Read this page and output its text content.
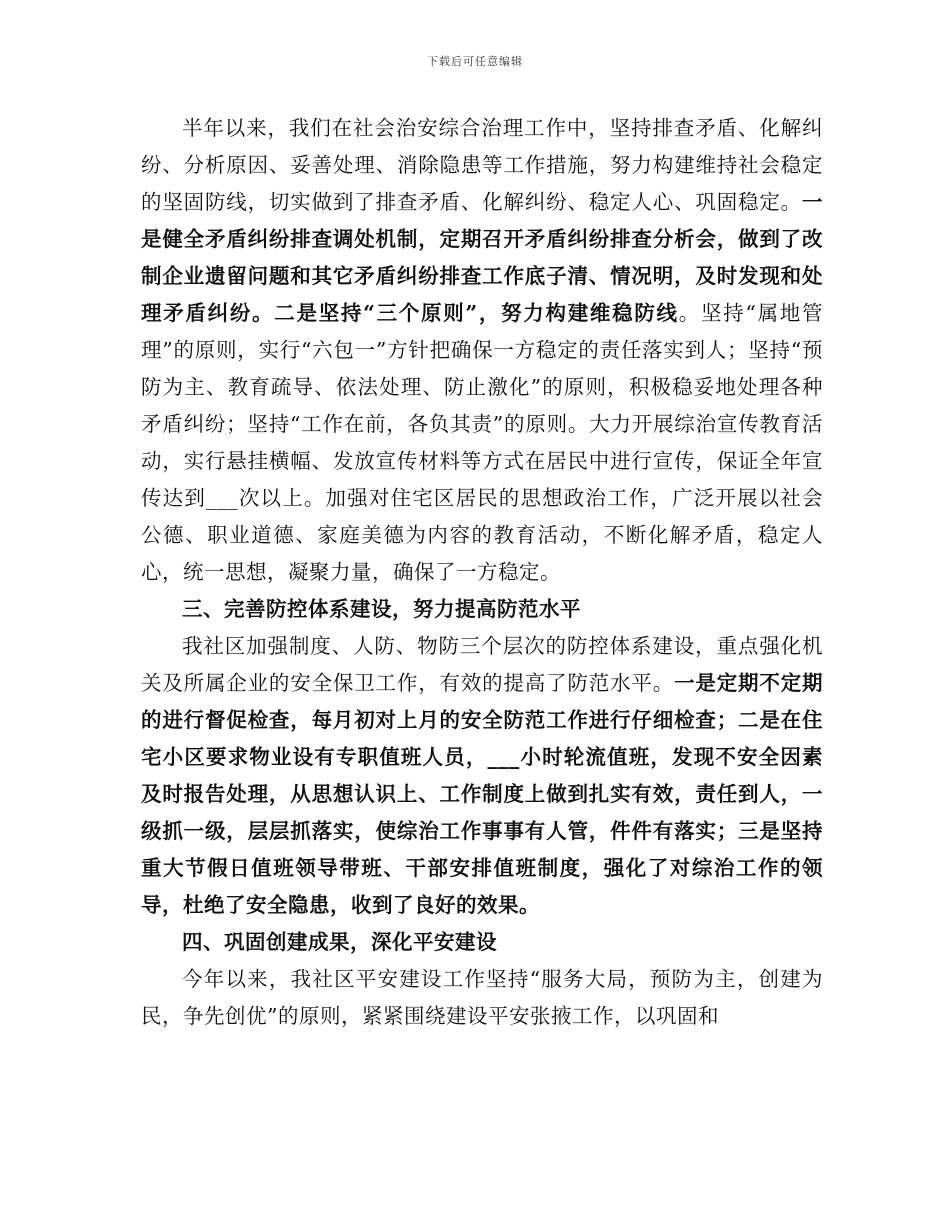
下载后可任意编辑

半年以来，我们在社会治安综合治理工作中，坚持排查矛盾、化解纠纷、分析原因、妥善处理、消除隐患等工作措施，努力构建维持社会稳定的坚固防线，切实做到了排查矛盾、化解纠纷、稳定人心、巩固稳定。一是健全矛盾纠纷排查调处机制，定期召开矛盾纠纷排查分析会，做到了改制企业遗留问题和其它矛盾纠纷排查工作底子清、情况明，及时发现和处理矛盾纠纷。二是坚持“三个原则”，努力构建维稳防线。坚持“属地管理”的原则，实行“六包一”方针把确保一方稳定的责任落实到人；坚持“预防为主、教育疏导、依法处理、防止激化”的原则，积极稳妥地处理各种矛盾纠纷；坚持“工作在前，各负其责”的原则。大力开展综治宣传教育活动，实行悬挂横幅、发放宣传材料等方式在居民中进行宣传，保证全年宣传达到___次以上。加强对住宅区居民的思想政治工作，广泛开展以社会公德、职业道德、家庭美德为内容的教育活动，不断化解矛盾，稳定人心，统一思想，凝聚力量，确保了一方稳定。

三、完善防控体系建设，努力提高防范水平

我社区加强制度、人防、物防三个层次的防控体系建设，重点强化机关及所属企业的安全保卫工作，有效的提高了防范水平。一是定期不定期的进行督促检查，每月初对上月的安全防范工作进行仔细检查；二是在住宅小区要求物业设有专职值班人员，___小时轮流值班，发现不安全因素及时报告处理，从思想认识上、工作制度上做到扎实有效，责任到人，一级抓一级，层层抓落实，使综治工作事事有人管，件件有落实；三是坚持重大节假日值班领导带班、干部安排值班制度，强化了对综治工作的领导，杜绝了安全隐患，收到了良好的效果。

四、巩固创建成果，深化平安建设

今年以来，我社区平安建设工作坚持“服务大局，预防为主，创建为民，争先创优”的原则，紧紧围绕建设平安张掖工作，以巩固和
